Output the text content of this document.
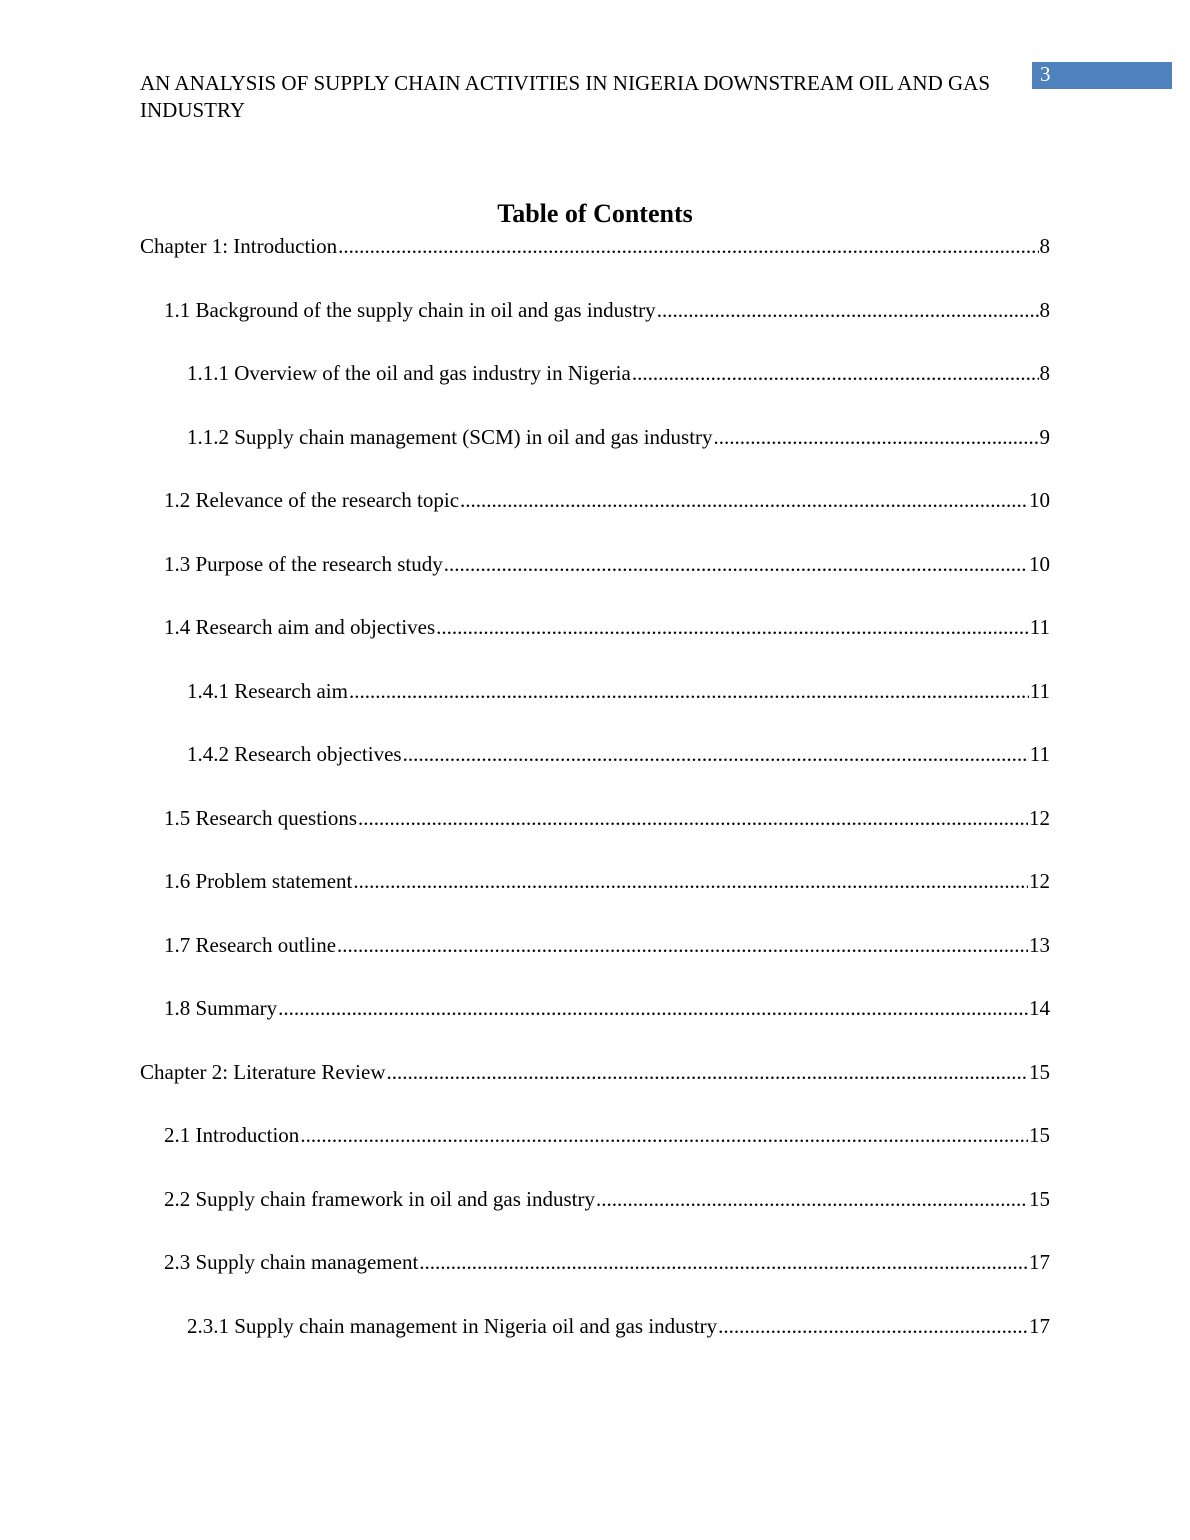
3
AN ANALYSIS OF SUPPLY CHAIN ACTIVITIES IN NIGERIA DOWNSTREAM OIL AND GAS INDUSTRY
Table of Contents
Chapter 1: Introduction .....	8
1.1 Background of the supply chain in oil and gas industry .....	8
1.1.1 Overview of the oil and gas industry in Nigeria .....	8
1.1.2 Supply chain management (SCM) in oil and gas industry .....	9
1.2 Relevance of the research topic .....	10
1.3 Purpose of the research study .....	10
1.4 Research aim and objectives .....	11
1.4.1 Research aim .....	11
1.4.2 Research objectives .....	11
1.5 Research questions .....	12
1.6 Problem statement .....	12
1.7 Research outline .....	13
1.8 Summary .....	14
Chapter 2: Literature Review .....	15
2.1 Introduction .....	15
2.2 Supply chain framework in oil and gas industry .....	15
2.3 Supply chain management .....	17
2.3.1 Supply chain management in Nigeria oil and gas industry .....	17
